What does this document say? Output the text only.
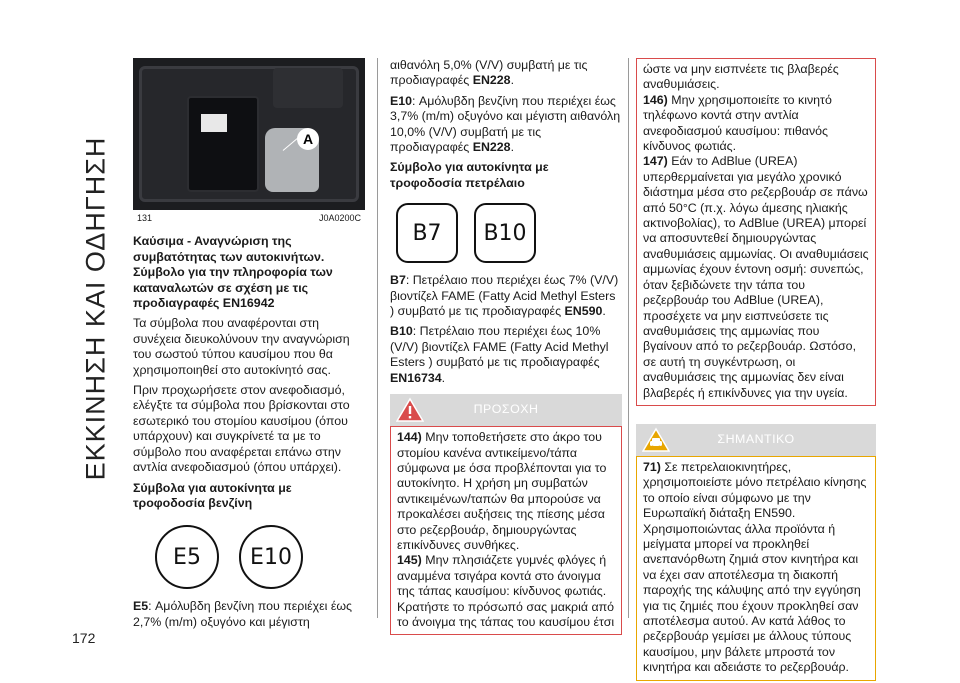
ΕΚΚΙΝΗΣΗ ΚΑΙ ΟΔΗΓΗΣΗ
172
A
131	J0A0200C
Καύσιμα - Αναγνώριση της συμβατότητας των αυτοκινήτων. Σύμβολο για την πληροφορία των καταναλωτών σε σχέση με τις προδιαγραφές EN16942
Τα σύμβολα που αναφέρονται στη συνέχεια διευκολύνουν την αναγνώριση του σωστού τύπου καυσίμου που θα χρησιμοποιηθεί στο αυτοκίνητό σας.
Πριν προχωρήσετε στον ανεφοδιασμό, ελέγξτε τα σύμβολα που βρίσκονται στο εσωτερικό του στομίου καυσίμου (όπου υπάρχουν) και συγκρίνετέ τα με το σύμβολο που αναφέρεται επάνω στην αντλία ανεφοδιασμού (όπου υπάρχει).
Σύμβολα για αυτοκίνητα με τροφοδοσία βενζίνη
E5	E10
E5: Αμόλυβδη βενζίνη που περιέχει έως 2,7% (m/m) οξυγόνο και μέγιστη
αιθανόλη 5,0% (V/V) συμβατή με τις προδιαγραφές EN228.
E10: Αμόλυβδη βενζίνη που περιέχει έως 3,7% (m/m) οξυγόνο και μέγιστη αιθανόλη 10,0% (V/V) συμβατή με τις προδιαγραφές EN228.
Σύμβολο για αυτοκίνητα με τροφοδοσία πετρέλαιο
B7	B10
B7: Πετρέλαιο που περιέχει έως 7% (V/V) βιοντίζελ FAME (Fatty Acid Methyl Esters ) συμβατό με τις προδιαγραφές EN590.
B10: Πετρέλαιο που περιέχει έως 10% (V/V) βιοντίζελ FAME (Fatty Acid Methyl Esters ) συμβατό με τις προδιαγραφές EN16734.
ΠΡΟΣΟΧΗ
144) Μην τοποθετήσετε στο άκρο του στομίου κανένα αντικείμενο/τάπα σύμφωνα με όσα προβλέπονται για το αυτοκίνητο. Η χρήση μη συμβατών αντικειμένων/ταπών θα μπορούσε να προκαλέσει αυξήσεις της πίεσης μέσα στο ρεζερβουάρ, δημιουργώντας επικίνδυνες συνθήκες.
145) Μην πλησιάζετε γυμνές φλόγες ή αναμμένα τσιγάρα κοντά στο άνοιγμα της τάπας καυσίμου: κίνδυνος φωτιάς. Κρατήστε το πρόσωπό σας μακριά από το άνοιγμα της τάπας του καυσίμου έτσι
ώστε να μην εισπνέετε τις βλαβερές αναθυμιάσεις.
146) Μην χρησιμοποιείτε το κινητό τηλέφωνο κοντά στην αντλία ανεφοδιασμού καυσίμου: πιθανός κίνδυνος φωτιάς.
147) Εάν το AdBlue (UREA) υπερθερμαίνεται για μεγάλο χρονικό διάστημα μέσα στο ρεζερβουάρ σε πάνω από 50°C (π.χ. λόγω άμεσης ηλιακής ακτινοβολίας), το AdBlue (UREA) μπορεί να αποσυντεθεί δημιουργώντας αναθυμιάσεις αμμωνίας. Οι αναθυμιάσεις αμμωνίας έχουν έντονη οσμή: συνεπώς, όταν ξεβιδώνετε την τάπα του ρεζερβουάρ του AdBlue (UREA), προσέχετε να μην εισπνεύσετε τις αναθυμιάσεις της αμμωνίας που βγαίνουν από το ρεζερβουάρ. Ωστόσο, σε αυτή τη συγκέντρωση, οι αναθυμιάσεις της αμμωνίας δεν είναι βλαβερές ή επικίνδυνες για την υγεία.
ΣΗΜΑΝΤΙΚΟ
71) Σε πετρελαιοκινητήρες, χρησιμοποιείστε μόνο πετρέλαιο κίνησης το οποίο είναι σύμφωνο με την Ευρωπαϊκή διάταξη EN590. Χρησιμοποιώντας άλλα προϊόντα ή μείγματα μπορεί να προκληθεί ανεπανόρθωτη ζημιά στον κινητήρα και να έχει σαν αποτέλεσμα τη διακοπή παροχής της κάλυψης από την εγγύηση για τις ζημιές που έχουν προκληθεί σαν αποτέλεσμα αυτού. Αν κατά λάθος το ρεζερβουάρ γεμίσει με άλλους τύπους καυσίμου, μην βάλετε μπροστά τον κινητήρα και αδειάστε το ρεζερβουάρ.
